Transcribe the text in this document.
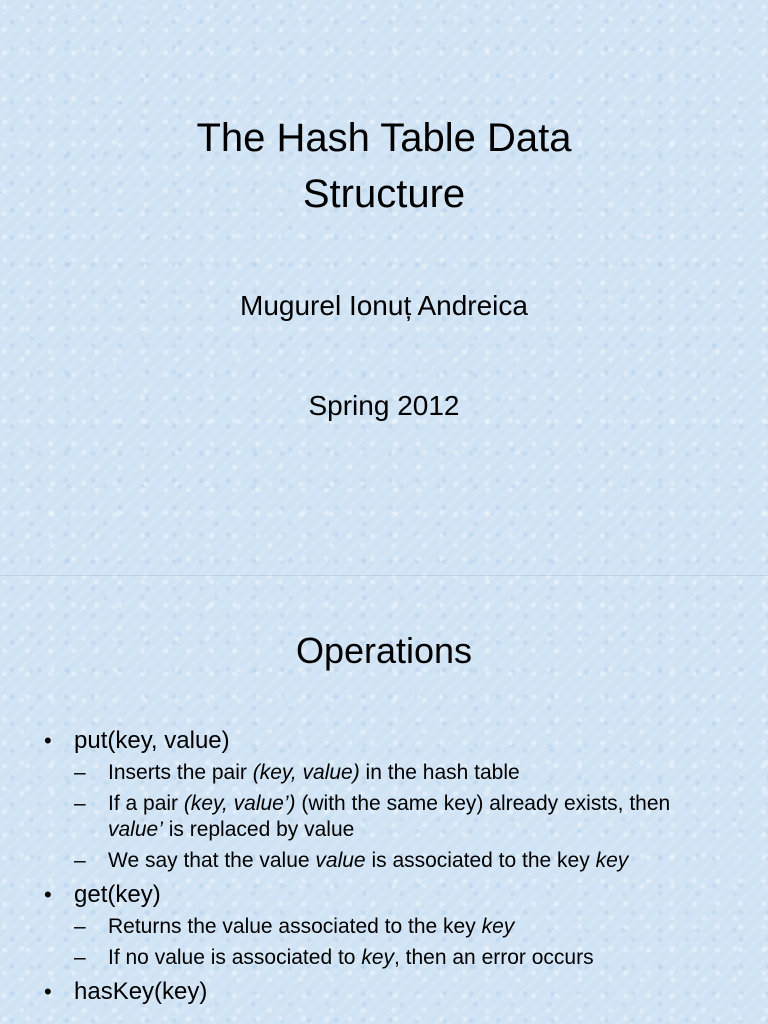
The Hash Table Data
Structure
Mugurel Ionuț Andreica
Spring 2012
Operations
• put(key, value)
– Inserts the pair (key, value) in the hash table
– If a pair (key, value’) (with the same key) already exists, then value’ is replaced by value
– We say that the value value is associated to the key key
• get(key)
– Returns the value associated to the key key
– If no value is associated to key, then an error occurs
• hasKey(key)
